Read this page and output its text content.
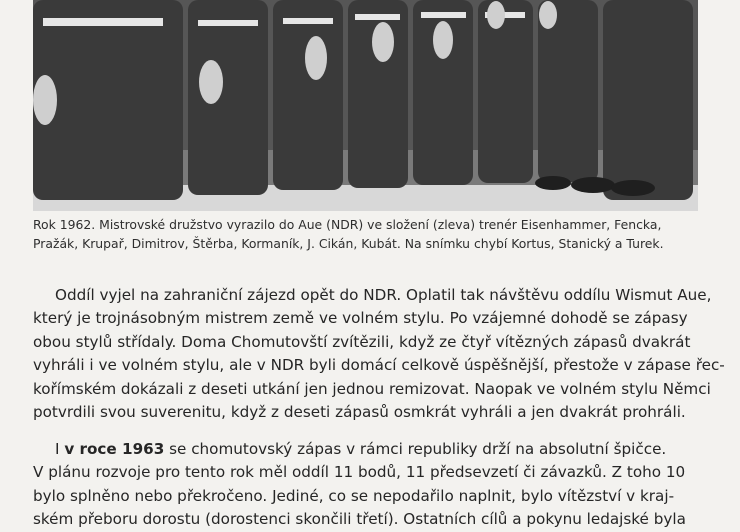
Rok 1962. Mistrovské družstvo vyrazilo do Aue (NDR) ve složení (zleva) trenér Eisenhammer, Fencka,
Pražák, Krupař, Dimitrov, Štěrba, Kormaník, J. Cikán, Kubát. Na snímku chybí Kortus, Stanický a Turek.
Oddíl vyjel na zahraniční zájezd opět do NDR. Oplatil tak návštěvu oddílu Wismut Aue,
který je trojnásobným mistrem země ve volném stylu. Po vzájemné dohodě se zápasy
obou stylů střídaly. Doma Chomutovští zvítězili, když ze čtyř vítězných zápasů dvakrát
vyhráli i ve volném stylu, ale v NDR byli domácí celkově úspěšnější, přestože v zápase řec-
kořímském dokázali z deseti utkání jen jednou remizovat. Naopak ve volném stylu Němci
potvrdili svou suverenitu, když z deseti zápasů osmkrát vyhráli a jen dvakrát prohráli.
I v roce 1963 se chomutovský zápas v rámci republiky drží na absolutní špičce.
V plánu rozvoje pro tento rok měl oddíl 11 bodů, 11 předsevzetí či závazků. Z toho 10
bylo splněno nebo překročeno. Jediné, co se nepodařilo naplnit, bylo vítězství v kraj-
ském přeboru dorostu (dorostenci skončili třetí). Ostatních cílů a pokynu ledajské byla
